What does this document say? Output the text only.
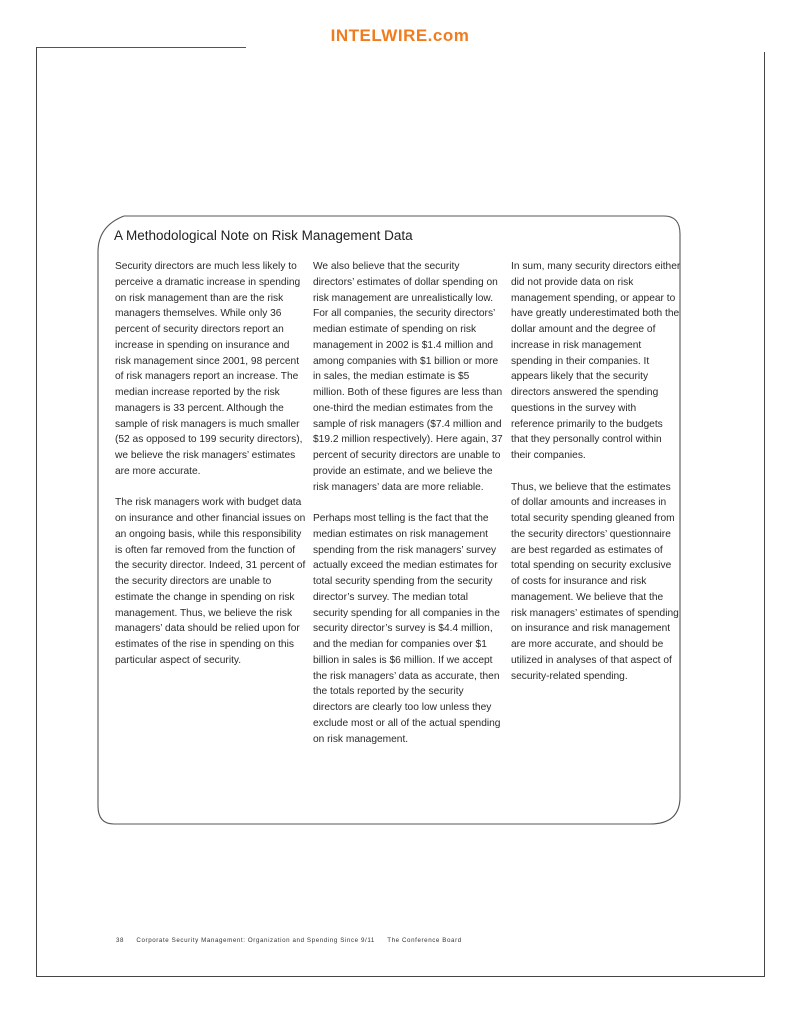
INTELWIRE.com
A Methodological Note on Risk Management Data

Security directors are much less likely to perceive a dramatic increase in spending on risk management than are the risk managers themselves. While only 36 percent of security directors report an increase in spending on insurance and risk management since 2001, 98 percent of risk managers report an increase. The median increase reported by the risk managers is 33 percent. Although the sample of risk managers is much smaller (52 as opposed to 199 security directors), we believe the risk managers’ estimates are more accurate.

The risk managers work with budget data on insurance and other financial issues on an ongoing basis, while this responsibility is often far removed from the function of the security director. Indeed, 31 percent of the security directors are unable to estimate the change in spending on risk management. Thus, we believe the risk managers’ data should be relied upon for estimates of the rise in spending on this particular aspect of security.

We also believe that the security directors’ estimates of dollar spending on risk management are unrealistically low. For all companies, the security directors’ median estimate of spending on risk management in 2002 is $1.4 million and among companies with $1 billion or more in sales, the median estimate is $5 million. Both of these figures are less than one-third the median estimates from the sample of risk managers ($7.4 million and $19.2 million respectively). Here again, 37 percent of security directors are unable to provide an estimate, and we believe the risk managers’ data are more reliable.

Perhaps most telling is the fact that the median estimates on risk management spending from the risk managers’ survey actually exceed the median estimates for total security spending from the security director’s survey. The median total security spending for all companies in the security director’s survey is $4.4 million, and the median for companies over $1 billion in sales is $6 million. If we accept the risk managers’ data as accurate, then the totals reported by the security directors are clearly too low unless they exclude most or all of the actual spending on risk management.

In sum, many security directors either did not provide data on risk management spending, or appear to have greatly underestimated both the dollar amount and the degree of increase in risk management spending in their companies. It appears likely that the security directors answered the spending questions in the survey with reference primarily to the budgets that they personally control within their companies.

Thus, we believe that the estimates of dollar amounts and increases in total security spending gleaned from the security directors’ questionnaire are best regarded as estimates of total spending on security exclusive of costs for insurance and risk management. We believe that the risk managers’ estimates of spending on insurance and risk management are more accurate, and should be utilized in analyses of that aspect of security-related spending.

38 Corporate Security Management: Organization and Spending Since 9/11 The Conference Board
